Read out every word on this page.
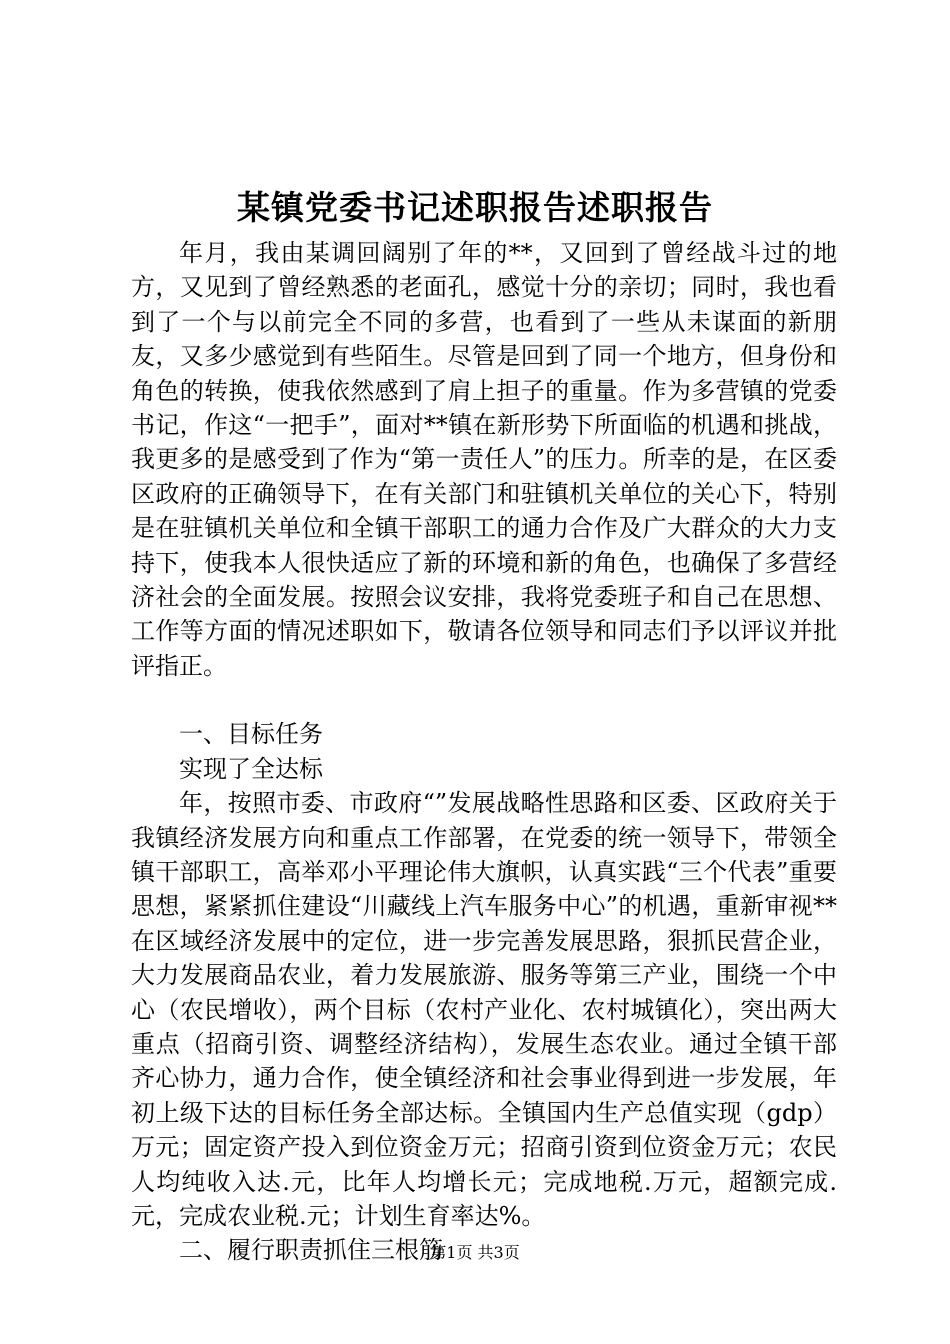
某镇党委书记述职报告述职报告

年月，我由某调回阔别了年的**，又回到了曾经战斗过的地方，又见到了曾经熟悉的老面孔，感觉十分的亲切；同时，我也看到了一个与以前完全不同的多营，也看到了一些从未谋面的新朋友，又多少感觉到有些陌生。尽管是回到了同一个地方，但身份和角色的转换，使我依然感到了肩上担子的重量。作为多营镇的党委书记，作这“一把手”，面对**镇在新形势下所面临的机遇和挑战，我更多的是感受到了作为“第一责任人”的压力。所幸的是，在区委区政府的正确领导下，在有关部门和驻镇机关单位的关心下，特别是在驻镇机关单位和全镇干部职工的通力合作及广大群众的大力支持下，使我本人很快适应了新的环境和新的角色，也确保了多营经济社会的全面发展。按照会议安排，我将党委班子和自己在思想、工作等方面的情况述职如下，敬请各位领导和同志们予以评议并批评指正。

一、目标任务

实现了全达标

年，按照市委、市政府“”发展战略性思路和区委、区政府关于我镇经济发展方向和重点工作部署，在党委的统一领导下，带领全镇干部职工，高举邓小平理论伟大旗帜，认真实践“三个代表”重要思想，紧紧抓住建设“川藏线上汽车服务中心”的机遇，重新审视**在区域经济发展中的定位，进一步完善发展思路，狠抓民营企业，大力发展商品农业，着力发展旅游、服务等第三产业，围绕一个中心（农民增收），两个目标（农村产业化、农村城镇化），突出两大重点（招商引资、调整经济结构），发展生态农业。通过全镇干部齐心协力，通力合作，使全镇经济和社会事业得到进一步发展，年初上级下达的目标任务全部达标。全镇国内生产总值实现（gdp）万元；固定资产投入到位资金万元；招商引资到位资金万元；农民人均纯收入达.元，比年人均增长元；完成地税.万元，超额完成.元，完成农业税.元；计划生育率达%。

二、履行职责抓住三根筋

第1页 共3页
